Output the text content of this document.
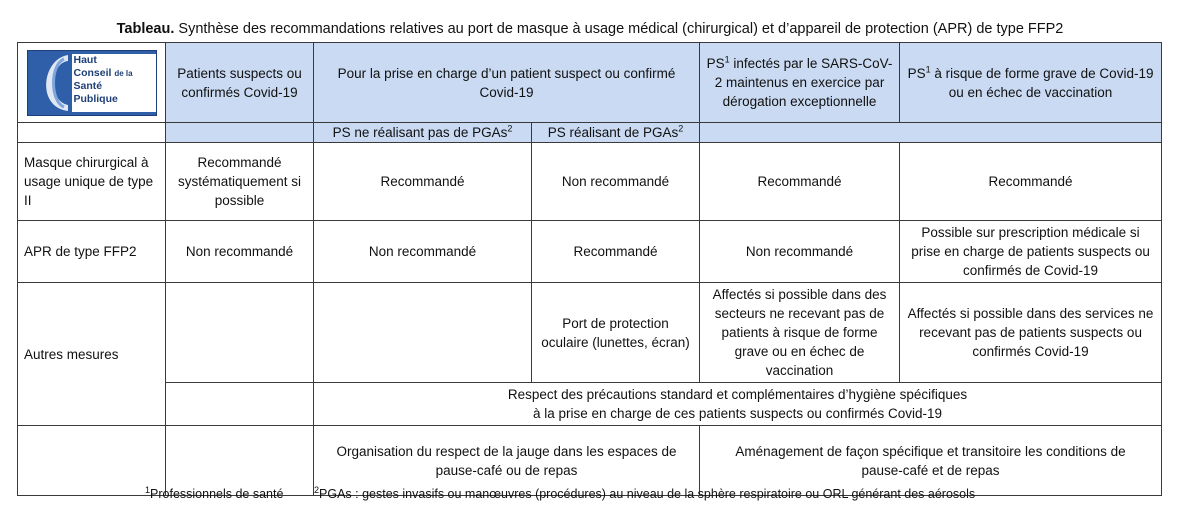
Tableau. Synthèse des recommandations relatives au port de masque à usage médical (chirurgical) et d’appareil de protection (APR) de type FFP2
Haut
Conseil de la
Santé
Publique	Patients suspects ou confirmés Covid-19	Pour la prise en charge d’un patient suspect ou confirmé Covid-19		$PS^1$ infectés par le SARS-CoV-2 maintenus en exercice par dérogation exceptionnelle	$PS^1$ à risque de forme grave de Covid-19 ou en échec de vaccination
		PS ne réalisant pas de PGAs$^2$	PS réalisant de PGAs$^2$	
Masque chirurgical à usage unique de type II	Recommandé systématiquement si possible	Recommandé	Non recommandé	Recommandé	Recommandé
APR de type FFP2	Non recommandé	Non recommandé	Recommandé	Non recommandé	Possible sur prescription médicale si prise en charge de patients suspects ou confirmés de Covid-19
Autres mesures			Port de protection oculaire (lunettes, écran)	Affectés si possible dans des secteurs ne recevant pas de patients à risque de forme grave ou en échec de vaccination	Affectés si possible dans des services ne recevant pas de patients suspects ou confirmés Covid-19

		Respect des précautions standard et complémentaires d’hygiène spécifiques
à la prise en charge de ces patients suspects ou confirmés Covid-19			

		Organisation du respect de la jauge dans les espaces de pause-café ou de repas		Aménagement de façon spécifique et transitoire les conditions de pause-café et de repas	
$^1$Professionnels de santé	$^2$PGAs : gestes invasifs ou manœuvres (procédures) au niveau de la sphère respiratoire ou ORL générant des aérosols
